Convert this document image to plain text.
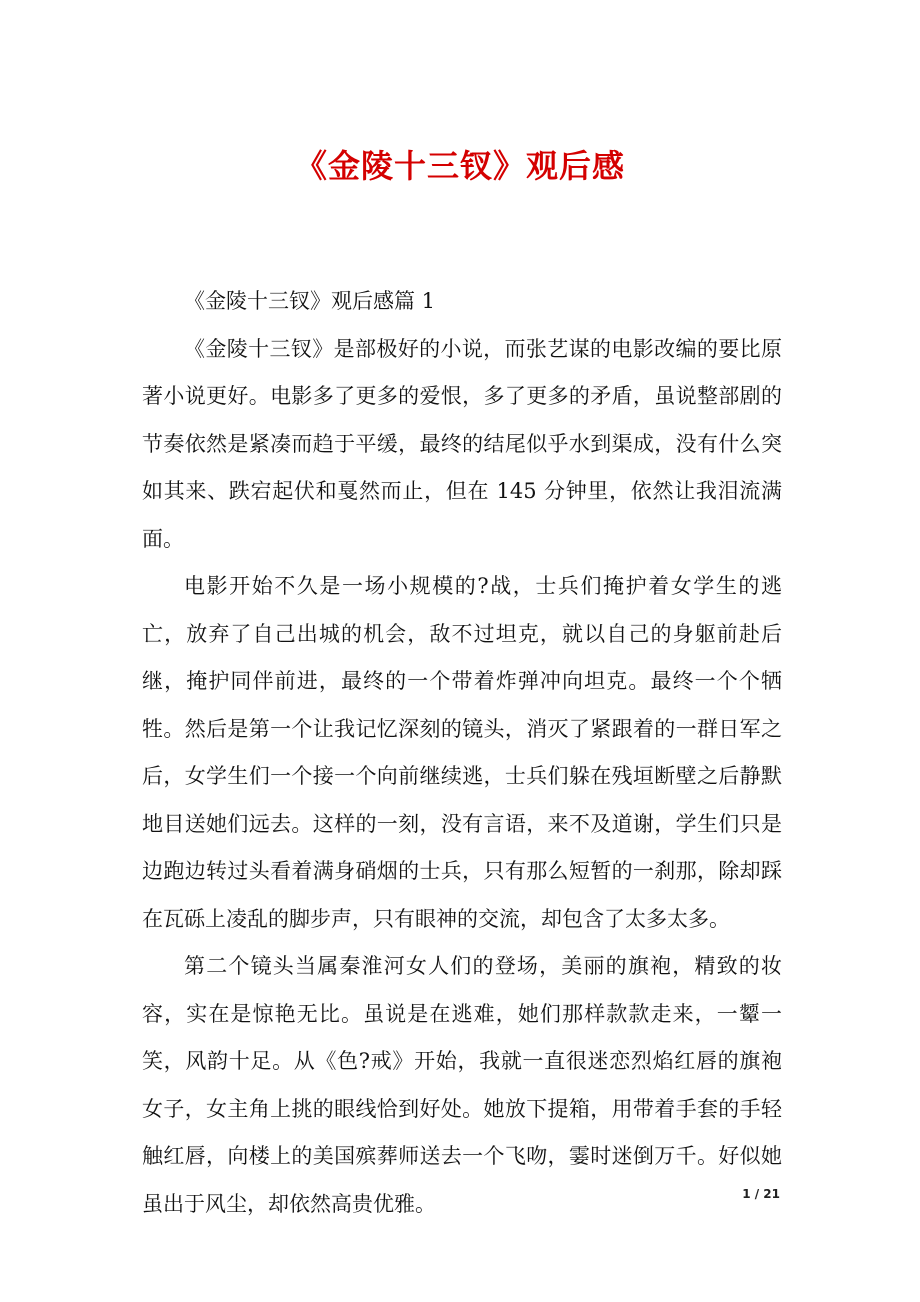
《金陵十三钗》观后感

《金陵十三钗》观后感篇 1

《金陵十三钗》是部极好的小说，而张艺谋的电影改编的要比原著小说更好。电影多了更多的爱恨，多了更多的矛盾，虽说整部剧的节奏依然是紧凑而趋于平缓，最终的结尾似乎水到渠成，没有什么突如其来、跌宕起伏和戛然而止，但在 145 分钟里，依然让我泪流满面。

电影开始不久是一场小规模的?战，士兵们掩护着女学生的逃亡，放弃了自己出城的机会，敌不过坦克，就以自己的身躯前赴后继，掩护同伴前进，最终的一个带着炸弹冲向坦克。最终一个个牺牲。然后是第一个让我记忆深刻的镜头，消灭了紧跟着的一群日军之后，女学生们一个接一个向前继续逃，士兵们躲在残垣断壁之后静默地目送她们远去。这样的一刻，没有言语，来不及道谢，学生们只是边跑边转过头看着满身硝烟的士兵，只有那么短暂的一刹那，除却踩在瓦砾上凌乱的脚步声，只有眼神的交流，却包含了太多太多。

第二个镜头当属秦淮河女人们的登场，美丽的旗袍，精致的妆容，实在是惊艳无比。虽说是在逃难，她们那样款款走来，一颦一笑，风韵十足。从《色?戒》开始，我就一直很迷恋烈焰红唇的旗袍女子，女主角上挑的眼线恰到好处。她放下提箱，用带着手套的手轻触红唇，向楼上的美国殡葬师送去一个飞吻，霎时迷倒万千。好似她虽出于风尘，却依然高贵优雅。	1 / 21
